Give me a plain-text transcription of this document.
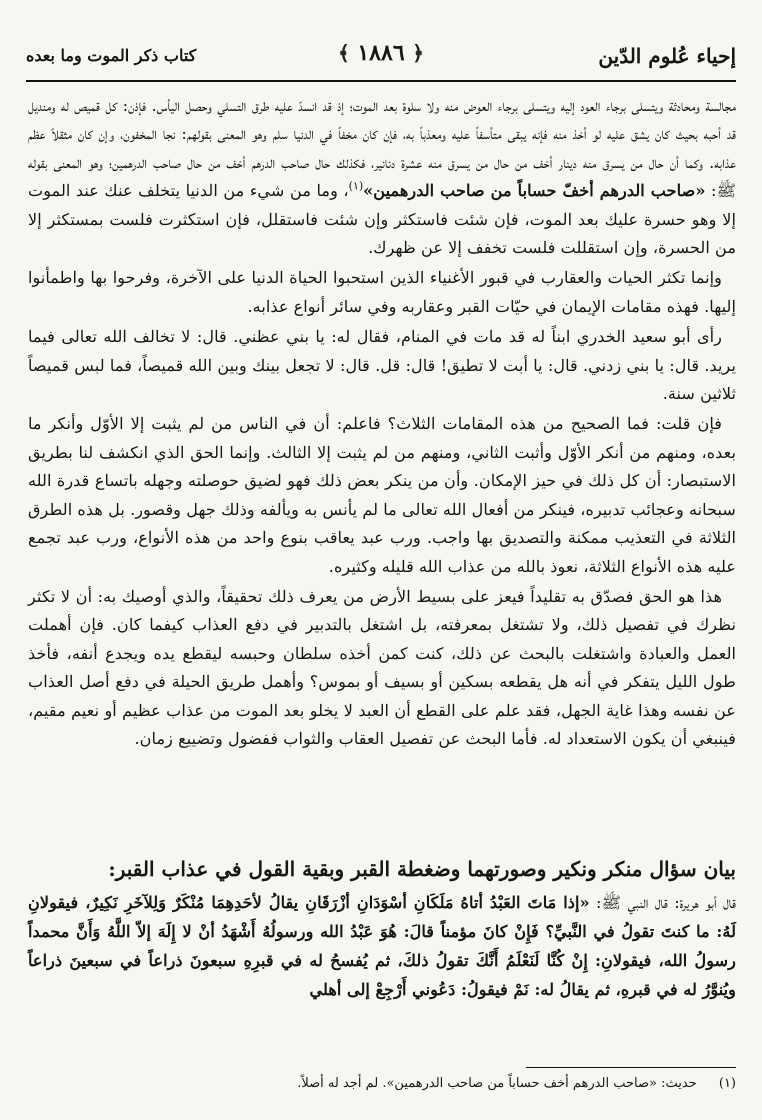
إحياء عُلوم الدّين
﴿ ١٨٨٦ ﴾
كتاب ذكر الموت وما بعده

مجالسة ومحادثة ويتسلى برجاء العود إليه ويتسلى برجاء العوض منه ولا سلوة بعد الموت؛ إذ قد انسدّ عليه طرق التسلي وحصل اليأس. فإذن: كل قميص له ومنديل قد أحبه بحيث كان يشق عليه لو أخذ منه فإنه يبقى متأسفاً عليه ومعذباً به، فإن كان مخفاً في الدنيا سلم وهو المعنى بقولهم: نجا المخفون، وإن كان مثقلاً عظم عذابه. وكما أن حال من يسرق منه دينار أخف من حال من يسرق منه عشرة دنانير، فكذلك حال صاحب الدرهم أخف من حال صاحب الدرهمين؛ وهو المعنى بقوله ﷺ: «صاحب الدرهم أخفّ حساباً من صاحب الدرهمين»$^{(١)}$، وما من شيء من الدنيا يتخلف عنك عند الموت إلا وهو حسرة عليك بعد الموت، فإن شئت فاستكثر وإن شئت فاستقلل، فإن استكثرت فلست بمستكثر إلا من الحسرة، وإن استقللت فلست تخفف إلا عن ظهرك.

وإنما تكثر الحيات والعقارب في قبور الأغنياء الذين استحبوا الحياة الدنيا على الآخرة، وفرحوا بها واطمأنوا إليها. فهذه مقامات الإيمان في حيّات القبر وعقاربه وفي سائر أنواع عذابه.

رأى أبو سعيد الخدري ابناً له قد مات في المنام، فقال له: يا بني عظني. قال: لا تخالف الله تعالى فيما يريد. قال: يا بني زدني. قال: يا أبت لا تطيق! قال: قل. قال: لا تجعل بينك وبين الله قميصاً، فما لبس قميصاً ثلاثين سنة.

فإن قلت: فما الصحيح من هذه المقامات الثلاث؟ فاعلم: أن في الناس من لم يثبت إلا الأوّل وأنكر ما بعده، ومنهم من أنكر الأوّل وأثبت الثاني، ومنهم من لم يثبت إلا الثالث. وإنما الحق الذي انكشف لنا بطريق الاستبصار: أن كل ذلك في حيز الإمكان. وأن من ينكر بعض ذلك فهو لضيق حوصلته وجهله باتساع قدرة الله سبحانه وعجائب تدبيره، فينكر من أفعال الله تعالى ما لم يأنس به ويألفه وذلك جهل وقصور. بل هذه الطرق الثلاثة في التعذيب ممكنة والتصديق بها واجب. ورب عبد يعاقب بنوع واحد من هذه الأنواع، ورب عبد تجمع عليه هذه الأنواع الثلاثة، نعوذ بالله من عذاب الله قليله وكثيره.

هذا هو الحق فصدّق به تقليداً فيعز على بسيط الأرض من يعرف ذلك تحقيقاً، والذي أوصيك به: أن لا تكثر نظرك في تفصيل ذلك، ولا تشتغل بمعرفته، بل اشتغل بالتدبير في دفع العذاب كيفما كان. فإن أهملت العمل والعبادة واشتغلت بالبحث عن ذلك، كنت كمن أخذه سلطان وحبسه ليقطع يده ويجدع أنفه، فأخذ طول الليل يتفكر في أنه هل يقطعه بسكين أو بسيف أو بموس؟ وأهمل طريق الحيلة في دفع أصل العذاب عن نفسه وهذا غاية الجهل، فقد علم على القطع أن العبد لا يخلو بعد الموت من عذاب عظيم أو نعيم مقيم، فينبغي أن يكون الاستعداد له. فأما البحث عن تفصيل العقاب والثواب ففضول وتضييع زمان.

بيان سؤال منكر ونكير وصورتهما وضغطة القبر وبقية القول في عذاب القبر:

قال أبو هريرة: قال النبي ﷺ: «إذا مَاتَ العَبْدُ أتاهُ مَلَكَانِ أسْوَدَانِ أزْرَقَانِ يقالُ لأحَدِهِمَا مُنْكَرٌ وَلِلآخَرِ نَكِيرٌ، فيقولانِ لَهُ: ما كنتَ تقولُ في النَّبيِّ؟ فَإِنْ كانَ مؤمناً قالَ: هُوَ عَبْدُ الله ورسولُهُ أَشْهَدُ أنْ لا إِلَهَ إلاّ اللَّهُ وَأَنَّ محمداً رسولُ الله، فيقولانِ: إِنْ كُنَّا لَنَعْلَمُ أَنَّكَ تقولُ ذلكَ، ثم يُفسحُ له في قبرِهِ سبعونَ ذراعاً في سبعينَ ذراعاً ويُنوَّرُ له في قبرهِ، ثم يقالُ له: نَمْ فيقولُ: دَعُوني أَرْجِعْ إلى أهلي

(١) حديث: «صاحب الدرهم أخف حساباً من صاحب الدرهمين». لم أجد له أصلاً.
